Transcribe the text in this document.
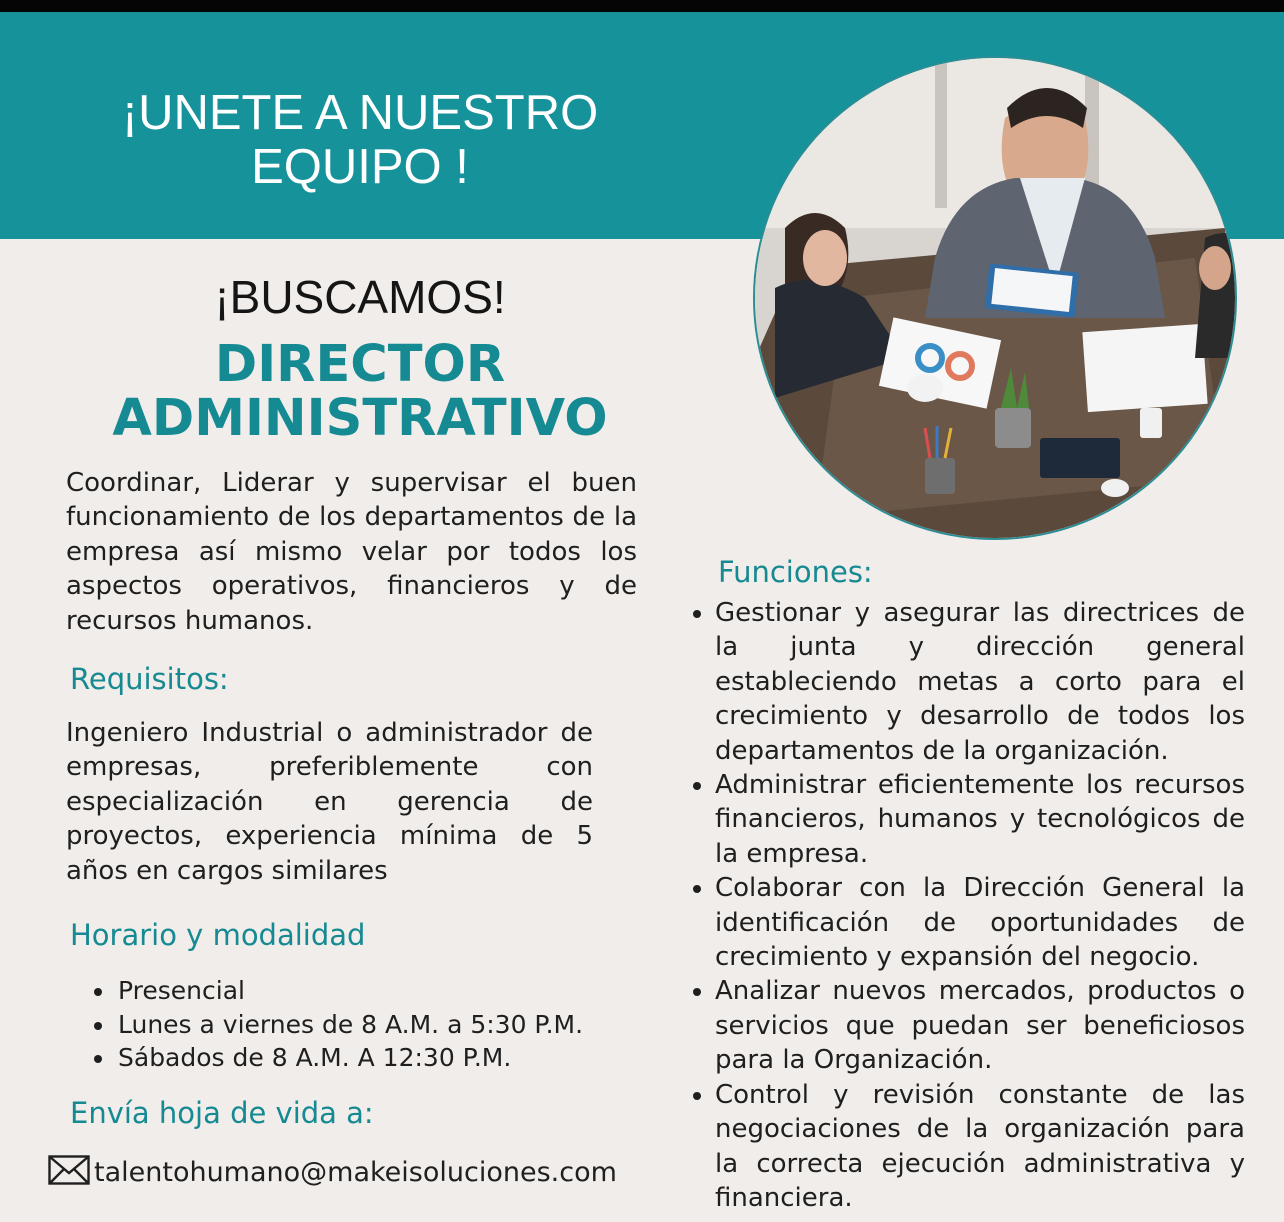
¡UNETE A NUESTRO
EQUIPO !
¡BUSCAMOS!
DIRECTOR
ADMINISTRATIVO

Coordinar, Liderar y supervisar el buen funcionamiento de los departamentos de la empresa así mismo velar por todos los aspectos operativos, financieros y de recursos humanos.

Requisitos:

Ingeniero Industrial o administrador de empresas, preferiblemente con especialización en gerencia de proyectos, experiencia mínima de 5 años en cargos similares

Horario y modalidad
• Presencial
• Lunes a viernes de 8 A.M. a 5:30 P.M.
• Sábados de 8 A.M. A 12:30 P.M.
Envía hoja de vida a:
talentohumano@makeisoluciones.com
Funciones:
• Gestionar y asegurar las directrices de la junta y dirección general estableciendo metas a corto para el crecimiento y desarrollo de todos los departamentos de la organización.
• Administrar eficientemente los recursos financieros, humanos y tecnológicos de la empresa.
• Colaborar con la Dirección General la identificación de oportunidades de crecimiento y expansión del negocio.
• Analizar nuevos mercados, productos o servicios que puedan ser beneficiosos para la Organización.
• Control y revisión constante de las negociaciones de la organización para la correcta ejecución administrativa y financiera.
